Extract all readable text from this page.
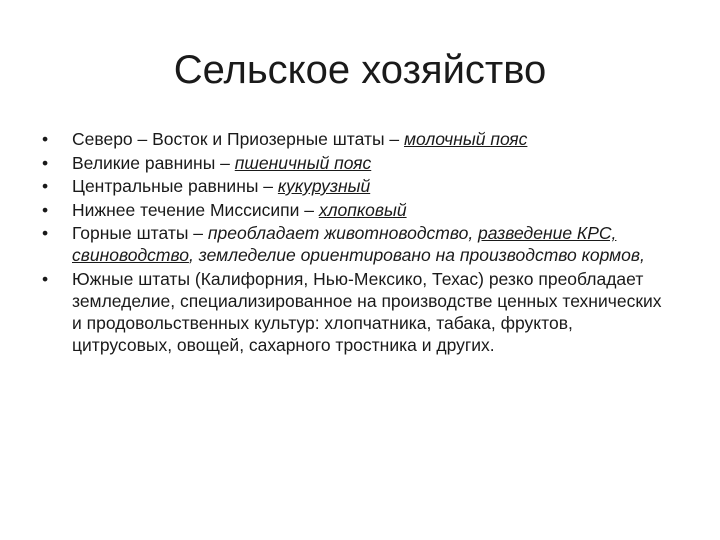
Сельское хозяйство
• Северо – Восток и Приозерные штаты – молочный пояс
• Великие равнины – пшеничный пояс
• Центральные равнины – кукурузный
• Нижнее течение Миссисипи – хлопковый
• Горные штаты – преобладает животноводство, разведение КРС, свиноводство, земледелие ориентировано на производство кормов,
• Южные штаты (Калифорния, Нью-Мексико, Техас) резко преобладает земледелие, специализированное на производстве ценных технических и продовольственных культур: хлопчатника, табака, фруктов, цитрусовых, овощей, сахарного тростника и других.
